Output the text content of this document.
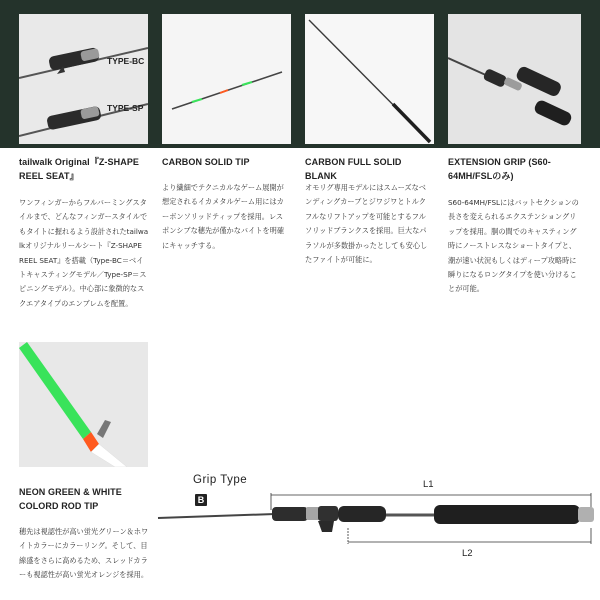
TYPE-BC
TYPE-SP
tailwalk Original『Z-SHAPE REEL SEAT』
ワンフィンガーからフルバーミングスタイルまで、どんなフィンガースタイルでもタイトに握れるよう設計されたtailwalkオリジナルリールシート『Z-SHAPE REEL SEAT』を搭載（Type-BC＝ベイトキャスティングモデル／Type-SP＝スピニングモデル）。中心部に象徴的なスクエアタイプのエンブレムを配置。
CARBON SOLID TIP
より繊細でテクニカルなゲーム展開が想定されるイカメタルゲーム用にはカーボンソリッドティップを採用。レスポンシブな穂先が僅かなバイトを明確にキャッチする。
CARBON FULL SOLID BLANK
オモリグ専用モデルにはスムーズなベンディングカーブとジワジワとトルクフルなリフトアップを可能とするフルソリッドブランクスを採用。巨大なパラソルが多数掛かったとしても安心したファイトが可能に。
EXTENSION GRIP (S60-64MH/FSLのみ)
S60-64MH/FSLにはバットセクションの長さを変えられるエクステンショングリップを採用。胴の間でのキャスティング時にノーストレスなショートタイプと、潮が速い状況もしくはディープ攻略時に瞬りになるロングタイプを使い分けることが可能。
NEON GREEN & WHITE COLORD ROD TIP
穂先は視認性が高い蛍光グリーン＆ホワイトカラーにカラーリング。そして、目線盛をさらに高めるため、スレッドカラーも視認性が高い蛍光オレンジを採用。
Grip Type
B
L1
L2
